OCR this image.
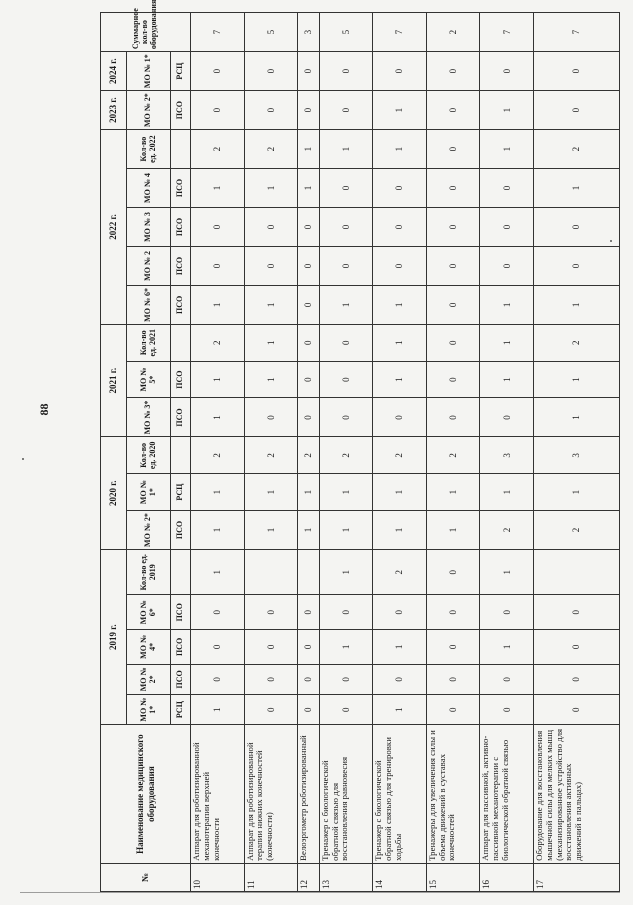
88
№	Наименование медицинского оборудования	2019 г.					2020 г.			2021 г.			2022 г.					2023 г.	2024 г.	Суммарное кол-во оборудования
		МО № 1*	МО № 2*	МО № 4*	МО № 6*	Кол-во ед. 2019	МО № 2*	МО № 1*	Кол-во ед. 2020	МО № 3*	МО № 5*	Кол-во ед. 2021	МО № 6*	МО № 2	МО № 3	МО № 4	Кол-во ед. 2022	МО № 2*	МО № 1*	
		РСЦ	ПСО	ПСО	ПСО		ПСО	РСЦ		ПСО	ПСО		ПСО	ПСО	ПСО	ПСО		ПСО	РСЦ	
10	Аппарат для роботизированной механотерапии верхней конечности	1	0	0	0	1	1	1	2	1	1	2	1	0	0	1	2	0	0	7
11	Аппарат для роботизированной терапии нижних конечностей (конечности)	0	0	0	0		1	1	2	0	1	1	1	0	0	1	2	0	0	5
12	Велоэргометр роботизированный	0	0	0	0		1	1	2	0	0	0	0	0	0	1	1	0	0	3
13	Тренажер с биологической обратной связью для восстановления равновесия	0	0	1	0	1	1	1	2	0	0	0	1	0	0	0	1	0	0	5
14	Тренажер с биологической обратной связью для тренировки ходьбы	1	0	1	0	2	1	1	2	0	1	1	1	0	0	0	1	1	0	7
15	Тренажеры для увеличения силы и объема движений в суставах конечностей	0	0	0	0	0	1	1	2	0	0	0	0	0	0	0	0	0	0	2
16	Аппарат для пассивной, активно-пассивной механотерапии с биологической обратной связью	0	0	1	0	1	2	1	3	0	1	1	1	0	0	0	1	1	0	7
17	Оборудование для восстановления мышечной силы для мелких мышц (механизированное устройство для восстановления активных движений в пальцах)	0	0	0	0		2	1	3	1	1	2	1	0	0	1	2	0	0	7
